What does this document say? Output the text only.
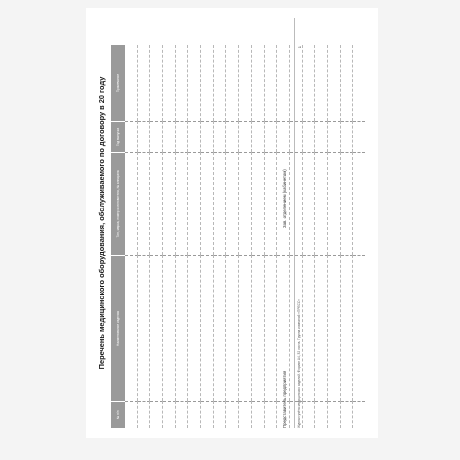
Перечень медицинского оборудования, обслуживаемого по договору в 20 году
№ п/п	Наименование изделия	Тип, марка, номер изготовителя, № аппарата	Год выпуска	Примечание

Представитель предприятия
Зав. отделением (кабинетом)
Журнал учёта медицинских изделий. Формат А4, 32 листа. Группа компаний «ПРЕСС»
1
